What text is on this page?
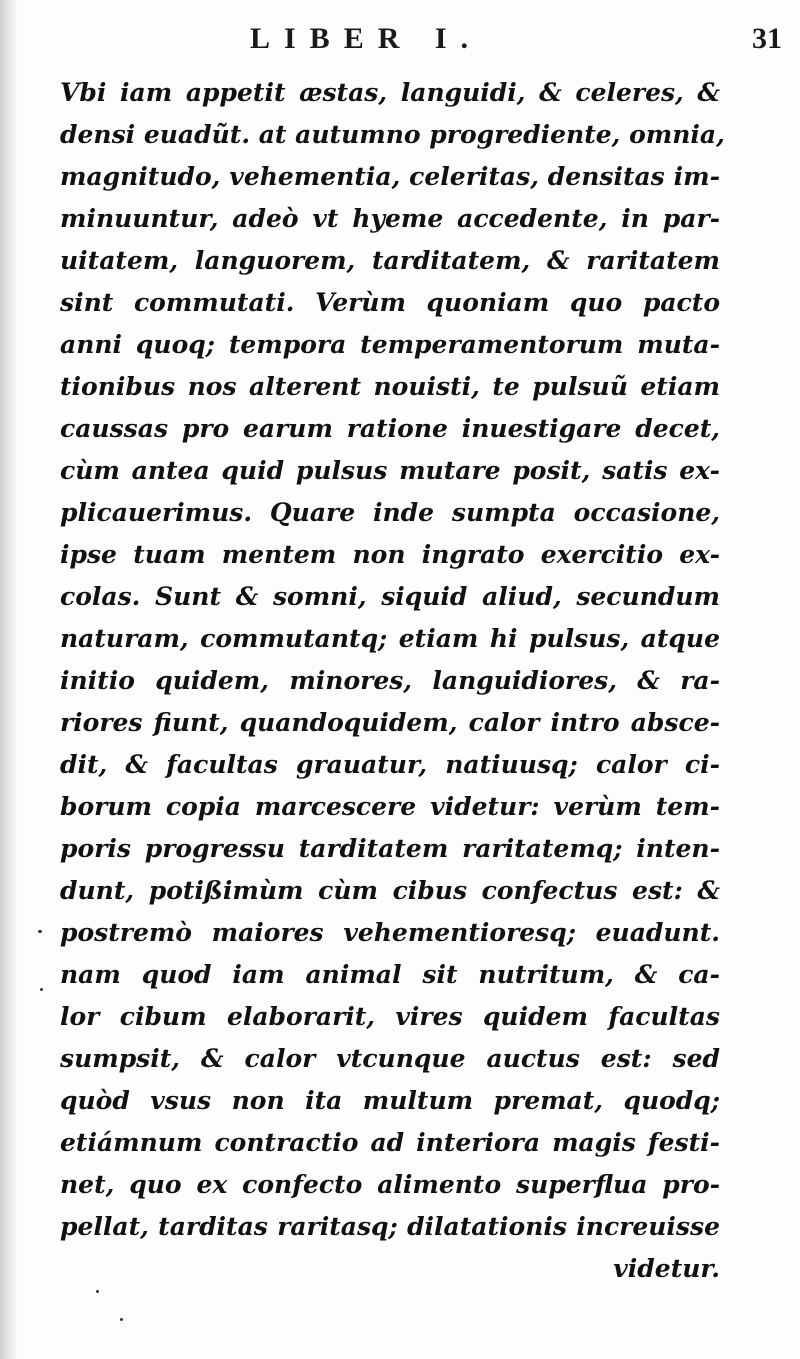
LIBER I.	31
Vbi iam appetit æstas, languidi, & celeres, &
densi euadũt. at autumno progrediente, omnia,
magnitudo, vehementia, celeritas, densitas im-
minuuntur, adeò vt hyeme accedente, in par-
uitatem, languorem, tarditatem, & raritatem
sint commutati. Verùm quoniam quo pacto
anni quoq; tempora temperamentorum muta-
tionibus nos alterent nouisti, te pulsuũ etiam
caussas pro earum ratione inuestigare decet,
cùm antea quid pulsus mutare posit, satis ex-
plicauerimus. Quare inde sumpta occasione,
ipse tuam mentem non ingrato exercitio ex-
colas. Sunt & somni, siquid aliud, secundum
naturam, commutantq; etiam hi pulsus, atque
initio quidem, minores, languidiores, & ra-
riores fiunt, quandoquidem, calor intro absce-
dit, & facultas grauatur, natiuusq; calor ci-
borum copia marcescere videtur: verùm tem-
poris progressu tarditatem raritatemq; inten-
dunt, potißimùm cùm cibus confectus est: &
postremò maiores vehementioresq; euadunt.
nam quod iam animal sit nutritum, & ca-
lor cibum elaborarit, vires quidem facultas
sumpsit, & calor vtcunque auctus est: sed
quòd vsus non ita multum premat, quodq;
etiámnum contractio ad interiora magis festi-
net, quo ex confecto alimento superflua pro-
pellat, tarditas raritasq; dilatationis increuisse
videtur.
